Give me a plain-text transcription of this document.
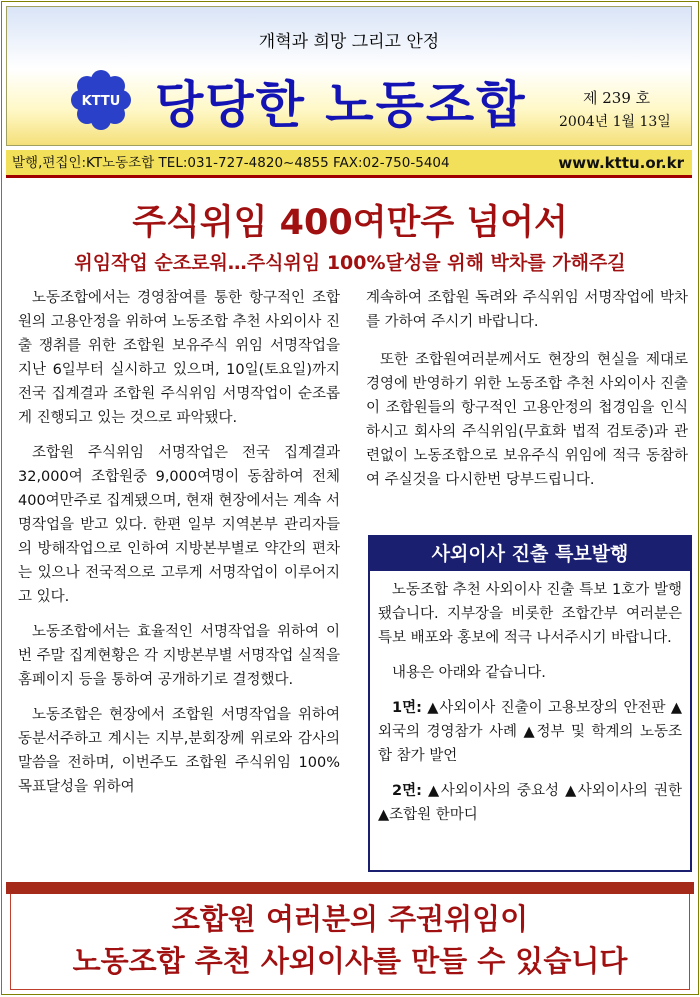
개혁과 희망 그리고 안정
KTTU 당당한 노동조합	제 239 호
2004년 1월 13일
발행,편집인:KT노동조합 TEL:031-727-4820~4855 FAX:02-750-5404	www.kttu.or.kr
주식위임 400여만주 넘어서
위임작업 순조로워…주식위임 100%달성을 위해 박차를 가해주길

노동조합에서는 경영참여를 통한 항구적인 조합원의 고용안정을 위하여 노동조합 추천 사외이사 진출 쟁취를 위한 조합원 보유주식 위임 서명작업을 지난 6일부터 실시하고 있으며, 10일(토요일)까지 전국 집계결과 조합원 주식위임 서명작업이 순조롭게 진행되고 있는 것으로 파악됐다.

조합원 주식위임 서명작업은 전국 집계결과 32,000여 조합원중 9,000여명이 동참하여 전체 400여만주로 집계됐으며, 현재 현장에서는 계속 서명작업을 받고 있다. 한편 일부 지역본부 관리자들의 방해작업으로 인하여 지방본부별로 약간의 편차는 있으나 전국적으로 고루게 서명작업이 이루어지고 있다.

노동조합에서는 효율적인 서명작업을 위하여 이번 주말 집계현황은 각 지방본부별 서명작업 실적을 홈페이지 등을 통하여 공개하기로 결정했다.

노동조합은 현장에서 조합원 서명작업을 위하여 동분서주하고 계시는 지부,분회장께 위로와 감사의 말씀을 전하며, 이번주도 조합원 주식위임 100% 목표달성을 위하여

계속하여 조합원 독려와 주식위임 서명작업에 박차를 가하여 주시기 바랍니다.

또한 조합원여러분께서도 현장의 현실을 제대로 경영에 반영하기 위한 노동조합 추천 사외이사 진출이 조합원들의 항구적인 고용안정의 첩경임을 인식하시고 회사의 주식위임(무효화 법적 검토중)과 관련없이 노동조합으로 보유주식 위임에 적극 동참하여 주실것을 다시한번 당부드립니다.

사외이사 진출 특보발행

노동조합 추천 사외이사 진출 특보 1호가 발행됐습니다. 지부장을 비롯한 조합간부 여러분은 특보 배포와 홍보에 적극 나서주시기 바랍니다.

내용은 아래와 같습니다.

1면: ▲사외이사 진출이 고용보장의 안전판 ▲외국의 경영참가 사례 ▲정부 및 학계의 노동조합 참가 발언

2면: ▲사외이사의 중요성 ▲사외이사의 권한 ▲조합원 한마디

조합원 여러분의 주권위임이
노동조합 추천 사외이사를 만들 수 있습니다
